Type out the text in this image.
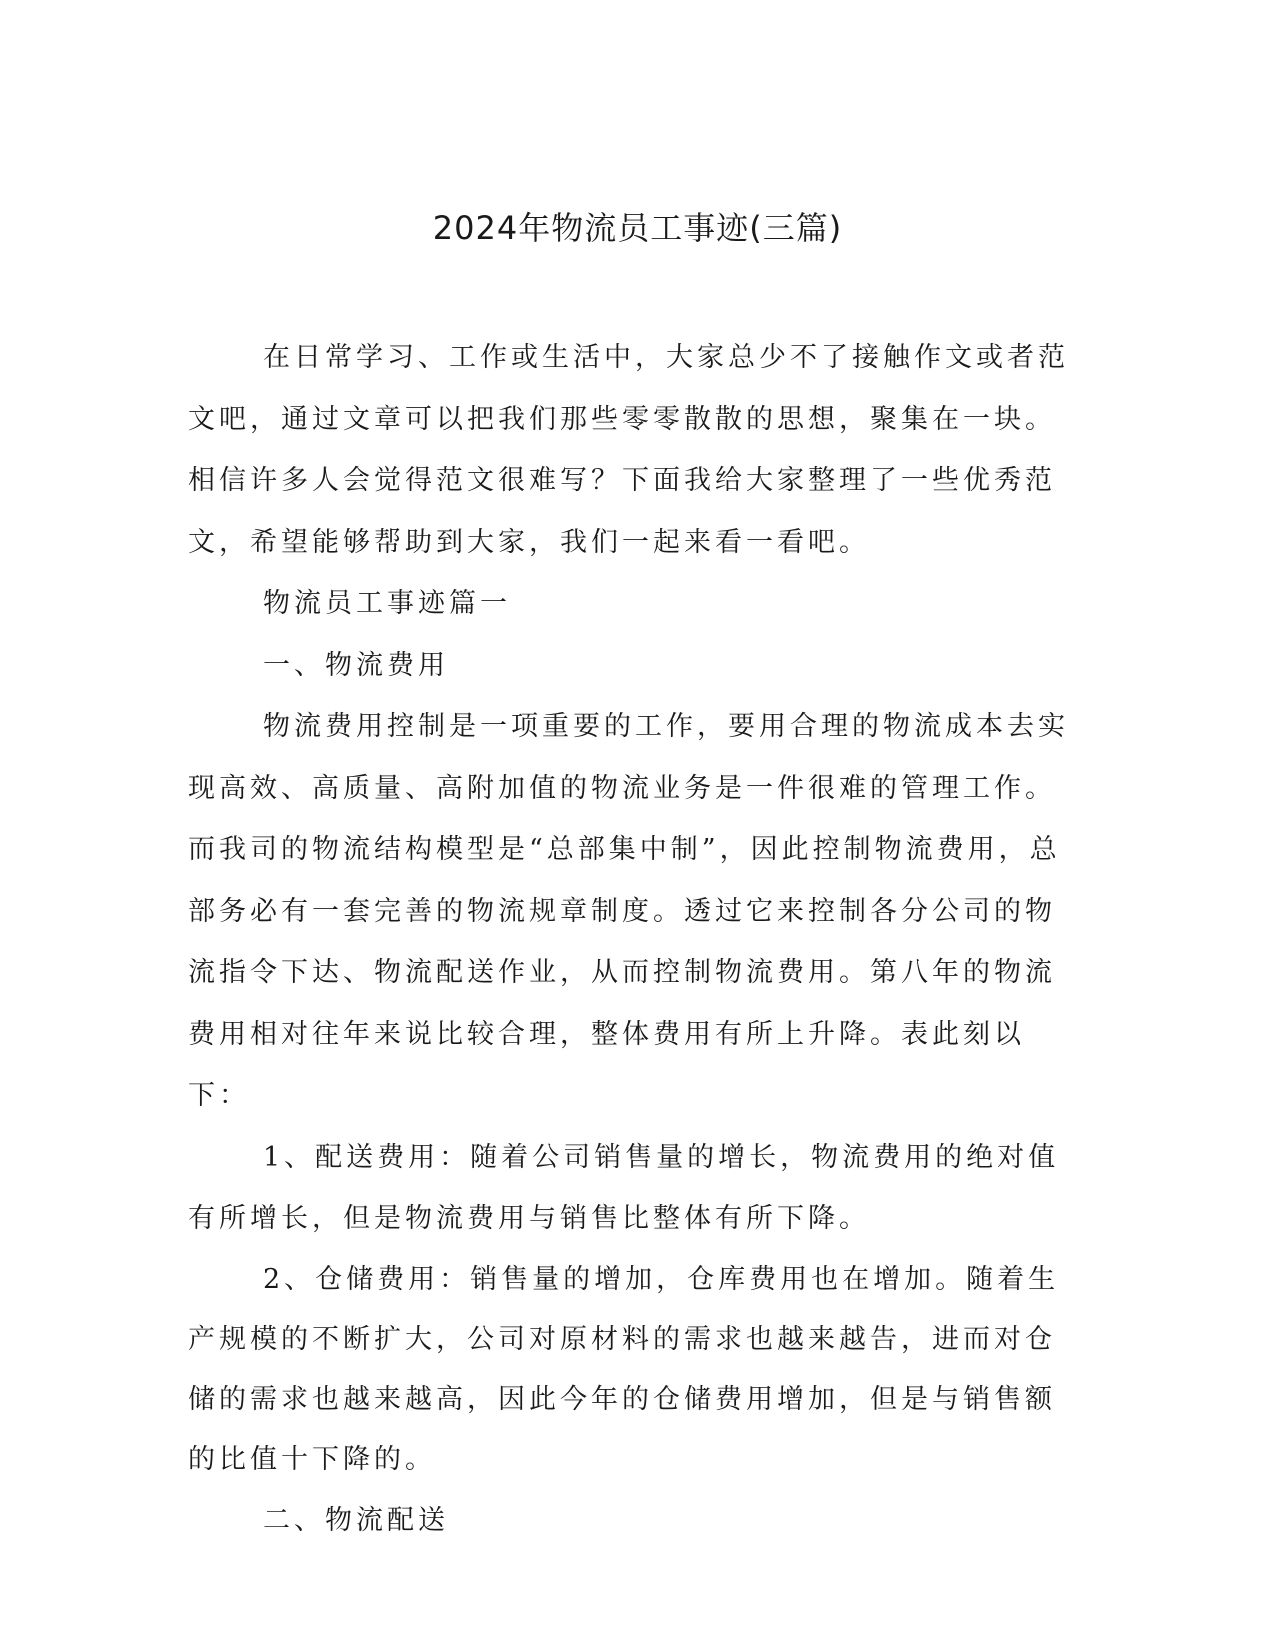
2024年物流员工事迹(三篇)

在日常学习、工作或生活中，大家总少不了接触作文或者范文吧，通过文章可以把我们那些零零散散的思想，聚集在一块。相信许多人会觉得范文很难写？下面我给大家整理了一些优秀范文，希望能够帮助到大家，我们一起来看一看吧。

物流员工事迹篇一

一、物流费用

物流费用控制是一项重要的工作，要用合理的物流成本去实现高效、高质量、高附加值的物流业务是一件很难的管理工作。而我司的物流结构模型是“总部集中制”，因此控制物流费用，总部务必有一套完善的物流规章制度。透过它来控制各分公司的物流指令下达、物流配送作业，从而控制物流费用。第八年的物流费用相对往年来说比较合理，整体费用有所上升降。表此刻以下：

1、配送费用：随着公司销售量的增长，物流费用的绝对值有所增长，但是物流费用与销售比整体有所下降。

2、仓储费用：销售量的增加，仓库费用也在增加。随着生产规模的不断扩大，公司对原材料的需求也越来越告，进而对仓储的需求也越来越高，因此今年的仓储费用增加，但是与销售额的比值十下降的。

二、物流配送
